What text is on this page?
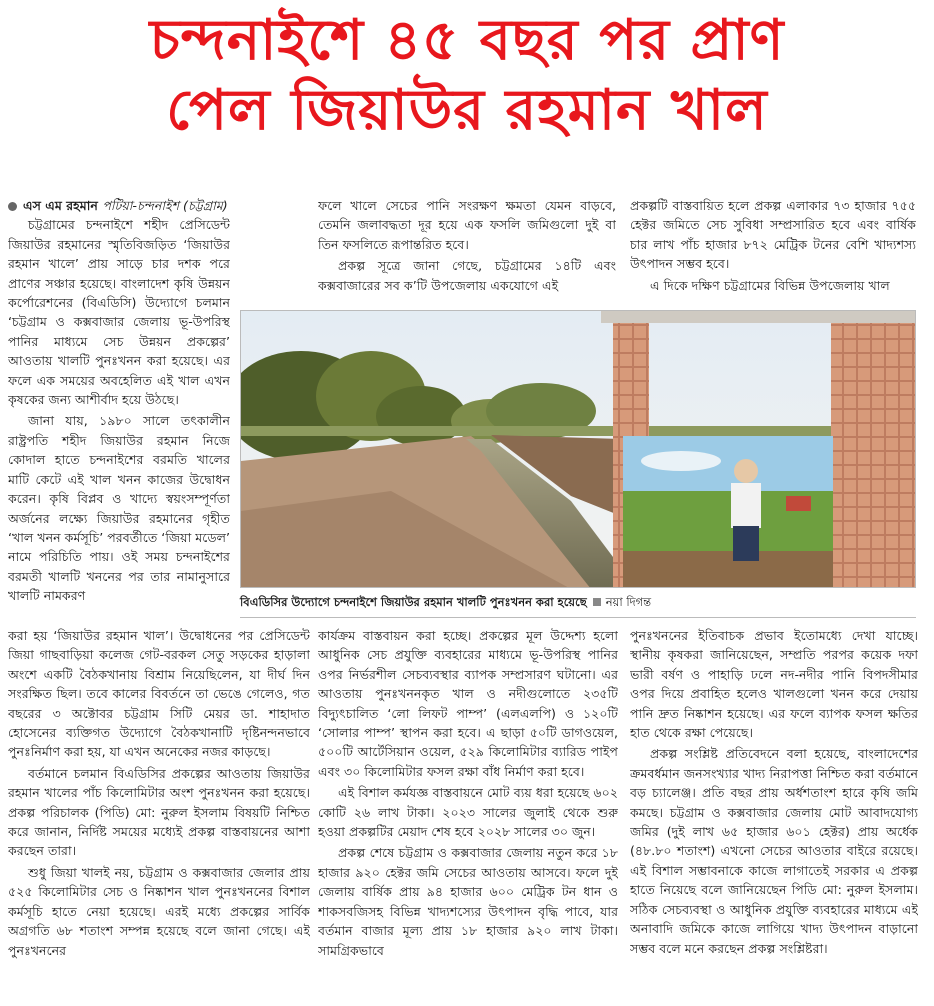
চন্দনাইশে ৪৫ বছর পর প্রাণ
পেল জিয়াউর রহমান খাল
এস এম রহমান পটিয়া-চন্দনাইশ (চট্টগ্রাম)

চট্টগ্রামের চন্দনাইশে শহীদ প্রেসিডেন্ট জিয়াউর রহমানের স্মৃতিবিজড়িত ‘জিয়াউর রহমান খালে’ প্রায় সাড়ে চার দশক পরে প্রাণের সঞ্চার হয়েছে। বাংলাদেশ কৃষি উন্নয়ন কর্পোরেশনের (বিএডিসি) উদ্যোগে চলমান ‘চট্টগ্রাম ও কক্সবাজার জেলায় ভূ-উপরিস্থ পানির মাধ্যমে সেচ উন্নয়ন প্রকল্পের’ আওতায় খালটি পুনঃখনন করা হয়েছে। এর ফলে এক সময়ের অবহেলিত এই খাল এখন কৃষকের জন্য আশীর্বাদ হয়ে উঠছে।

জানা যায়, ১৯৮০ সালে তৎকালীন রাষ্ট্রপতি শহীদ জিয়াউর রহমান নিজে কোদাল হাতে চন্দনাইশের বরমতি খালের মাটি কেটে এই খাল খনন কাজের উদ্বোধন করেন। কৃষি বিপ্লব ও খাদ্যে স্বয়ংসম্পূর্ণতা অর্জনের লক্ষ্যে জিয়াউর রহমানের গৃহীত ‘খাল খনন কর্মসূচি’ পরবর্তীতে ‘জিয়া মডেল’ নামে পরিচিতি পায়। ওই সময় চন্দনাইশের বরমতী খালটি খননের পর তার নামানুসারে খালটি নামকরণ

ফলে খালে সেচের পানি সংরক্ষণ ক্ষমতা যেমন বাড়বে, তেমনি জলাবদ্ধতা দূর হয়ে এক ফসলি জমিগুলো দুই বা তিন ফসলিতে রূপান্তরিত হবে।

প্রকল্প সূত্রে জানা গেছে, চট্টগ্রামের ১৪টি এবং কক্সবাজারের সব ক’টি উপজেলায় একযোগে এই

প্রকল্পটি বাস্তবায়িত হলে প্রকল্প এলাকার ৭৩ হাজার ৭৫৫ হেক্টর জমিতে সেচ সুবিধা সম্প্রসারিত হবে এবং বার্ষিক চার লাখ পাঁচ হাজার ৮৭২ মেট্রিক টনের বেশি খাদ্যশস্য উৎপাদন সম্ভব হবে।

এ দিকে দক্ষিণ চট্টগ্রামের বিভিন্ন উপজেলায় খাল

বিএডিসির উদ্যোগে চন্দনাইশে জিয়াউর রহমান খালটি পুনঃখনন করা হয়েছে নয়া দিগন্ত

করা হয় ‘জিয়াউর রহমান খাল’। উদ্বোধনের পর প্রেসিডেন্ট জিয়া গাছবাড়িয়া কলেজ গেট-বরকল সেতু সড়কের হাড়ালা অংশে একটি বৈঠকখানায় বিশ্রাম নিয়েছিলেন, যা দীর্ঘ দিন সংরক্ষিত ছিল। তবে কালের বিবর্তনে তা ভেঙে গেলেও, গত বছরের ৩ অক্টোবর চট্টগ্রাম সিটি মেয়র ডা. শাহাদাত হোসেনের ব্যক্তিগত উদ্যোগে বৈঠকখানাটি দৃষ্টিনন্দনভাবে পুনঃনির্মাণ করা হয়, যা এখন অনেকের নজর কাড়ছে।

বর্তমানে চলমান বিএডিসির প্রকল্পের আওতায় জিয়াউর রহমান খালের পাঁচ কিলোমিটার অংশ পুনঃখনন করা হয়েছে। প্রকল্প পরিচালক (পিডি) মো: নুরুল ইসলাম বিষয়টি নিশ্চিত করে জানান, নির্দিষ্ট সময়ের মধ্যেই প্রকল্প বাস্তবায়নের আশা করছেন তারা।

শুধু জিয়া খালই নয়, চট্টগ্রাম ও কক্সবাজার জেলার প্রায় ৫২৫ কিলোমিটার সেচ ও নিষ্কাশন খাল পুনঃখননের বিশাল কর্মসূচি হাতে নেয়া হয়েছে। এরই মধ্যে প্রকল্পের সার্বিক অগ্রগতি ৬৮ শতাংশ সম্পন্ন হয়েছে বলে জানা গেছে। এই পুনঃখননের

কার্যক্রম বাস্তবায়ন করা হচ্ছে। প্রকল্পের মূল উদ্দেশ্য হলো আধুনিক সেচ প্রযুক্তি ব্যবহারের মাধ্যমে ভূ-উপরিস্থ পানির ওপর নির্ভরশীল সেচব্যবস্থার ব্যাপক সম্প্রসারণ ঘটানো। এর আওতায় পুনঃখননকৃত খাল ও নদীগুলোতে ২৩৫টি বিদ্যুৎচালিত ‘লো লিফট পাম্প’ (এলএলপি) ও ১২০টি ‘সোলার পাম্প’ স্থাপন করা হবে। এ ছাড়া ৫০টি ডাগওয়েল, ৫০০টি আর্টেসিয়ান ওয়েল, ৫২৯ কিলোমিটার ব্যারিড পাইপ এবং ৩০ কিলোমিটার ফসল রক্ষা বাঁধ নির্মাণ করা হবে।

এই বিশাল কর্মযজ্ঞ বাস্তবায়নে মোট ব্যয় ধরা হয়েছে ৬০২ কোটি ২৬ লাখ টাকা। ২০২৩ সালের জুলাই থেকে শুরু হওয়া প্রকল্পটির মেয়াদ শেষ হবে ২০২৮ সালের ৩০ জুন।

প্রকল্প শেষে চট্টগ্রাম ও কক্সবাজার জেলায় নতুন করে ১৮ হাজার ৯২০ হেক্টর জমি সেচের আওতায় আসবে। ফলে দুই জেলায় বার্ষিক প্রায় ৯৪ হাজার ৬০০ মেট্রিক টন ধান ও শাকসবজিসহ বিভিন্ন খাদ্যশস্যের উৎপাদন বৃদ্ধি পাবে, যার বর্তমান বাজার মূল্য প্রায় ১৮ হাজার ৯২০ লাখ টাকা। সামগ্রিকভাবে

পুনঃখননের ইতিবাচক প্রভাব ইতোমধ্যে দেখা যাচ্ছে। স্থানীয় কৃষকরা জানিয়েছেন, সম্প্রতি পরপর কয়েক দফা ভারী বর্ষণ ও পাহাড়ি ঢলে নদ-নদীর পানি বিপদসীমার ওপর দিয়ে প্রবাহিত হলেও খালগুলো খনন করে দেয়ায় পানি দ্রুত নিষ্কাশন হয়েছে। এর ফলে ব্যাপক ফসল ক্ষতির হাত থেকে রক্ষা পেয়েছে।

প্রকল্প সংশ্লিষ্ট প্রতিবেদনে বলা হয়েছে, বাংলাদেশের ক্রমবর্ধমান জনসংখ্যার খাদ্য নিরাপত্তা নিশ্চিত করা বর্তমানে বড় চ্যালেঞ্জ। প্রতি বছর প্রায় অর্ধশতাংশ হারে কৃষি জমি কমছে। চট্টগ্রাম ও কক্সবাজার জেলায় মোট আবাদযোগ্য জমির (দুই লাখ ৬৫ হাজার ৬০১ হেক্টর) প্রায় অর্ধেক (৪৮.৮০ শতাংশ) এখনো সেচের আওতার বাইরে রয়েছে। এই বিশাল সম্ভাবনাকে কাজে লাগাতেই সরকার এ প্রকল্প হাতে নিয়েছে বলে জানিয়েছেন পিডি মো: নুরুল ইসলাম। সঠিক সেচব্যবস্থা ও আধুনিক প্রযুক্তি ব্যবহারের মাধ্যমে এই অনাবাদি জমিকে কাজে লাগিয়ে খাদ্য উৎপাদন বাড়ানো সম্ভব বলে মনে করছেন প্রকল্প সংশ্লিষ্টরা।
